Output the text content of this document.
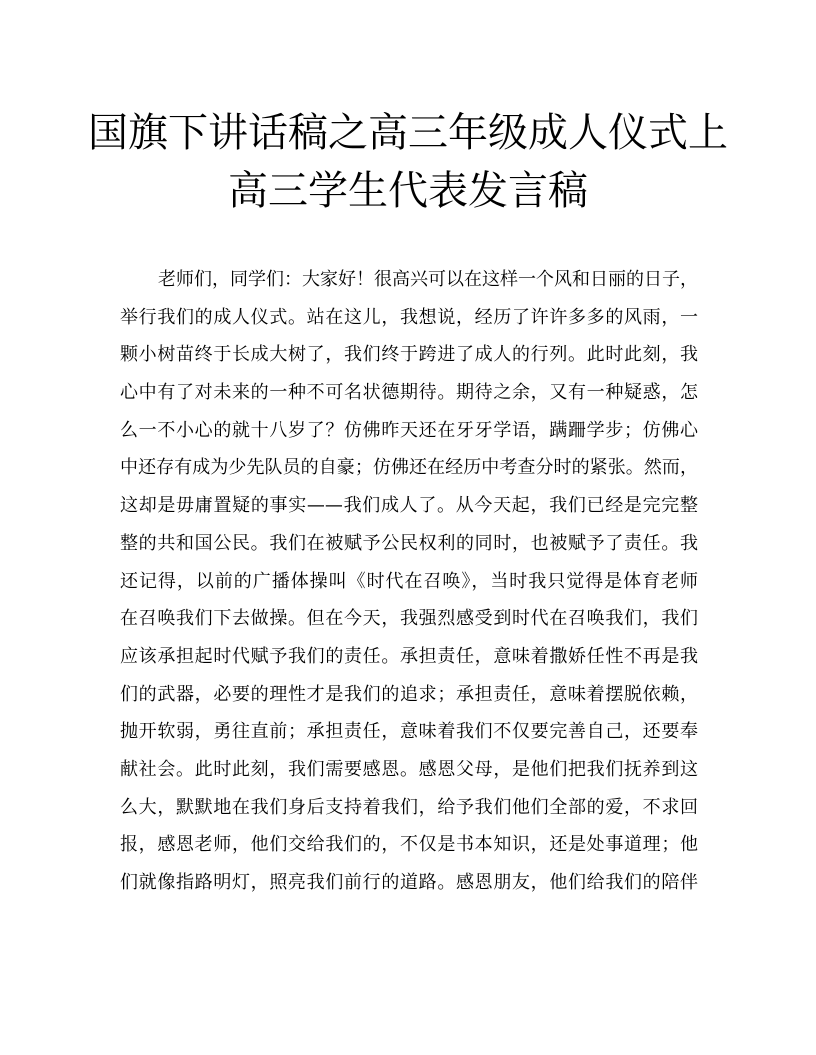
国旗下讲话稿之高三年级成人仪式上
高三学生代表发言稿
老师们，同学们：大家好！很高兴可以在这样一个风和日丽的日子，
举行我们的成人仪式。站在这儿，我想说，经历了许许多多的风雨，一
颗小树苗终于长成大树了，我们终于跨进了成人的行列。此时此刻，我
心中有了对未来的一种不可名状德期待。期待之余，又有一种疑惑，怎
么一不小心的就十八岁了？仿佛昨天还在牙牙学语，蹒跚学步；仿佛心
中还存有成为少先队员的自豪；仿佛还在经历中考查分时的紧张。然而，
这却是毋庸置疑的事实——我们成人了。从今天起，我们已经是完完整
整的共和国公民。我们在被赋予公民权利的同时，也被赋予了责任。我
还记得，以前的广播体操叫《时代在召唤》，当时我只觉得是体育老师
在召唤我们下去做操。但在今天，我强烈感受到时代在召唤我们，我们
应该承担起时代赋予我们的责任。承担责任，意味着撒娇任性不再是我
们的武器，必要的理性才是我们的追求；承担责任，意味着摆脱依赖，
抛开软弱，勇往直前；承担责任，意味着我们不仅要完善自己，还要奉
献社会。此时此刻，我们需要感恩。感恩父母，是他们把我们抚养到这
么大，默默地在我们身后支持着我们，给予我们他们全部的爱，不求回
报，感恩老师，他们交给我们的，不仅是书本知识，还是处事道理；他
们就像指路明灯，照亮我们前行的道路。感恩朋友，他们给我们的陪伴
